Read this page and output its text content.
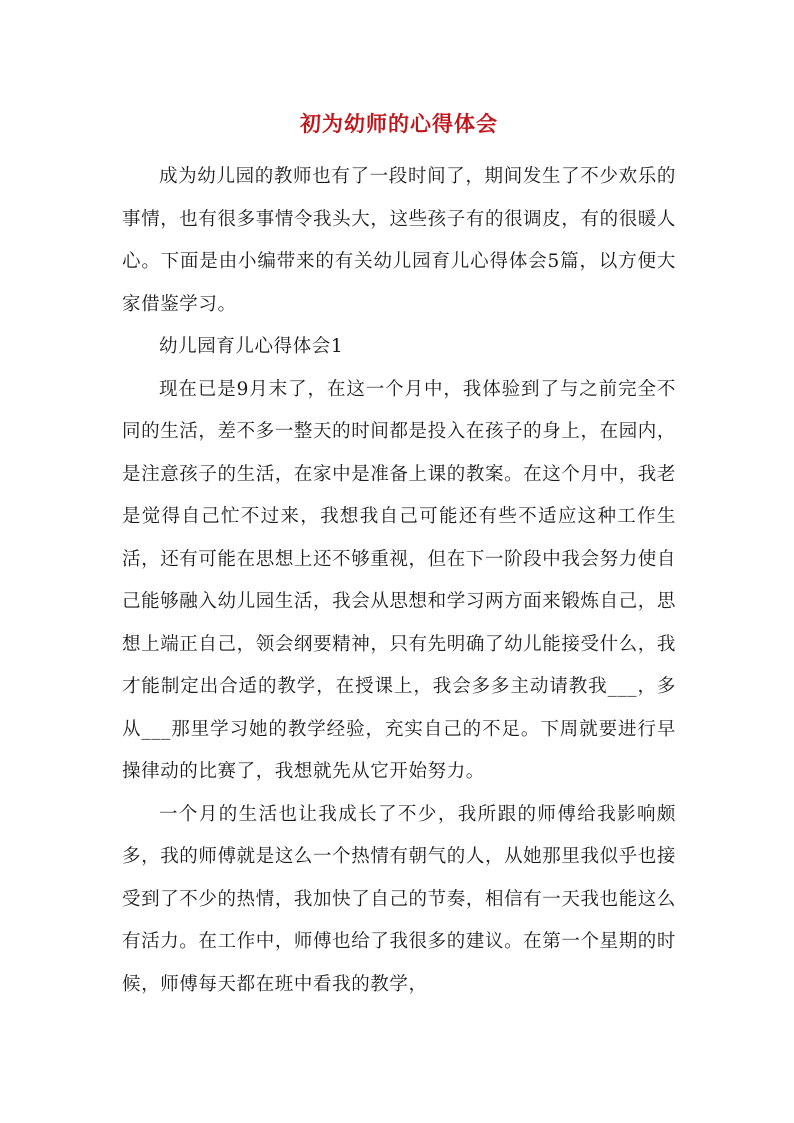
初为幼师的心得体会

成为幼儿园的教师也有了一段时间了，期间发生了不少欢乐的事情，也有很多事情令我头大，这些孩子有的很调皮，有的很暖人心。下面是由小编带来的有关幼儿园育儿心得体会5篇，以方便大家借鉴学习。

幼儿园育儿心得体会1

现在已是9月末了，在这一个月中，我体验到了与之前完全不同的生活，差不多一整天的时间都是投入在孩子的身上，在园内，是注意孩子的生活，在家中是准备上课的教案。在这个月中，我老是觉得自己忙不过来，我想我自己可能还有些不适应这种工作生活，还有可能在思想上还不够重视，但在下一阶段中我会努力使自己能够融入幼儿园生活，我会从思想和学习两方面来锻炼自己，思想上端正自己，领会纲要精神，只有先明确了幼儿能接受什么，我才能制定出合适的教学，在授课上，我会多多主动请教我___，多从___那里学习她的教学经验，充实自己的不足。下周就要进行早操律动的比赛了，我想就先从它开始努力。

一个月的生活也让我成长了不少，我所跟的师傅给我影响颇多，我的师傅就是这么一个热情有朝气的人，从她那里我似乎也接受到了不少的热情，我加快了自己的节奏，相信有一天我也能这么有活力。在工作中，师傅也给了我很多的建议。在第一个星期的时候，师傅每天都在班中看我的教学，
